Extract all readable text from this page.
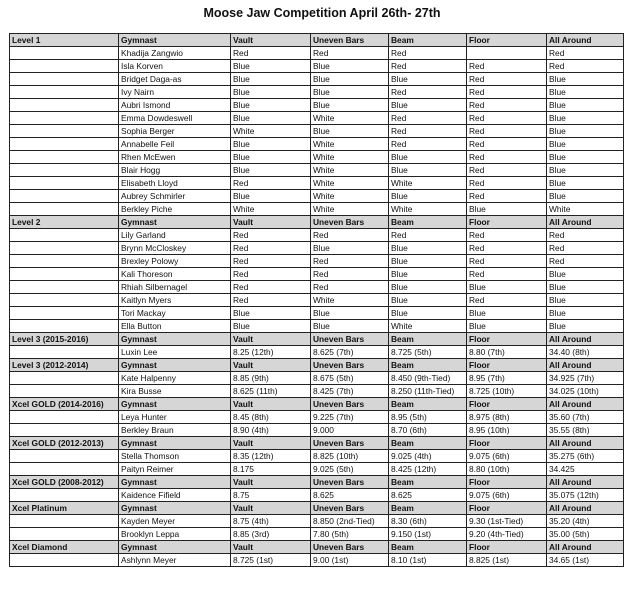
Moose Jaw Competition April 26th- 27th
Level 1	Gymnast	Vault	Uneven Bars	Beam	Floor	All Around
	Khadija Zangwio	Red	Red	Red		Red
	Isla Korven	Blue	Blue	Red	Red	Red
	Bridget Daga-as	Blue	Blue	Blue	Red	Blue
	Ivy Nairn	Blue	Blue	Red	Red	Blue
	Aubri Ismond	Blue	Blue	Blue	Red	Blue
	Emma Dowdeswell	Blue	White	Red	Red	Blue
	Sophia Berger	White	Blue	Red	Red	Blue
	Annabelle Feil	Blue	White	Red	Red	Blue
	Rhen McEwen	Blue	White	Blue	Red	Blue
	Blair Hogg	Blue	White	Blue	Red	Blue
	Elisabeth Lloyd	Red	White	White	Red	Blue
	Aubrey Schmirler	Blue	White	Blue	Red	Blue
	Berkley Piche	White	White	White	Blue	White
Level 2	Gymnast	Vault	Uneven Bars	Beam	Floor	All Around
	Lily Garland	Red	Red	Red	Red	Red
	Brynn McCloskey	Red	Blue	Blue	Red	Red
	Brexley Polowy	Red	Red	Blue	Red	Red
	Kali Thoreson	Red	Red	Blue	Red	Blue
	Rhiah Silbernagel	Red	Red	Blue	Blue	Blue
	Kaitlyn Myers	Red	White	Blue	Red	Blue
	Tori Mackay	Blue	Blue	Blue	Blue	Blue
	Ella Button	Blue	Blue	White	Blue	Blue
Level 3 (2015-2016)	Gymnast	Vault	Uneven Bars	Beam	Floor	All Around
	Luxin Lee	8.25 (12th)	8.625 (7th)	8.725 (5th)	8.80 (7th)	34.40 (8th)
Level 3 (2012-2014)	Gymnast	Vault	Uneven Bars	Beam	Floor	All Around
	Kate Halpenny	8.85 (9th)	8.675 (5th)	8.450 (9th-Tied)	8.95 (7th)	34.925 (7th)
	Kira Busse	8.625 (11th)	8.425 (7th)	8.250 (11th-Tied)	8.725 (10th)	34.025 (10th)
Xcel GOLD (2014-2016)	Gymnast	Vault	Uneven Bars	Beam	Floor	All Around
	Leya Hunter	8.45 (8th)	9.225 (7th)	8.95 (5th)	8.975 (8th)	35.60 (7th)
	Berkley Braun	8.90 (4th)	9.000	8.70 (6th)	8.95 (10th)	35.55 (8th)
Xcel GOLD (2012-2013)	Gymnast	Vault	Uneven Bars	Beam	Floor	All Around
	Stella Thomson	8.35 (12th)	8.825 (10th)	9.025 (4th)	9.075 (6th)	35.275 (6th)
	Paityn Reimer	8.175	9.025 (5th)	8.425 (12th)	8.80 (10th)	34.425
Xcel GOLD (2008-2012)	Gymnast	Vault	Uneven Bars	Beam	Floor	All Around
	Kaidence Fifield	8.75	8.625	8.625	9.075 (6th)	35.075 (12th)
Xcel Platinum	Gymnast	Vault	Uneven Bars	Beam	Floor	All Around
	Kayden Meyer	8.75 (4th)	8.850 (2nd-Tied)	8.30 (6th)	9.30 (1st-Tied)	35.20 (4th)
	Brooklyn Leppa	8.85 (3rd)	7.80 (5th)	9.150 (1st)	9.20 (4th-Tied)	35.00 (5th)
Xcel Diamond	Gymnast	Vault	Uneven Bars	Beam	Floor	All Around
	Ashlynn Meyer	8.725 (1st)	9.00 (1st)	8.10 (1st)	8.825 (1st)	34.65 (1st)
